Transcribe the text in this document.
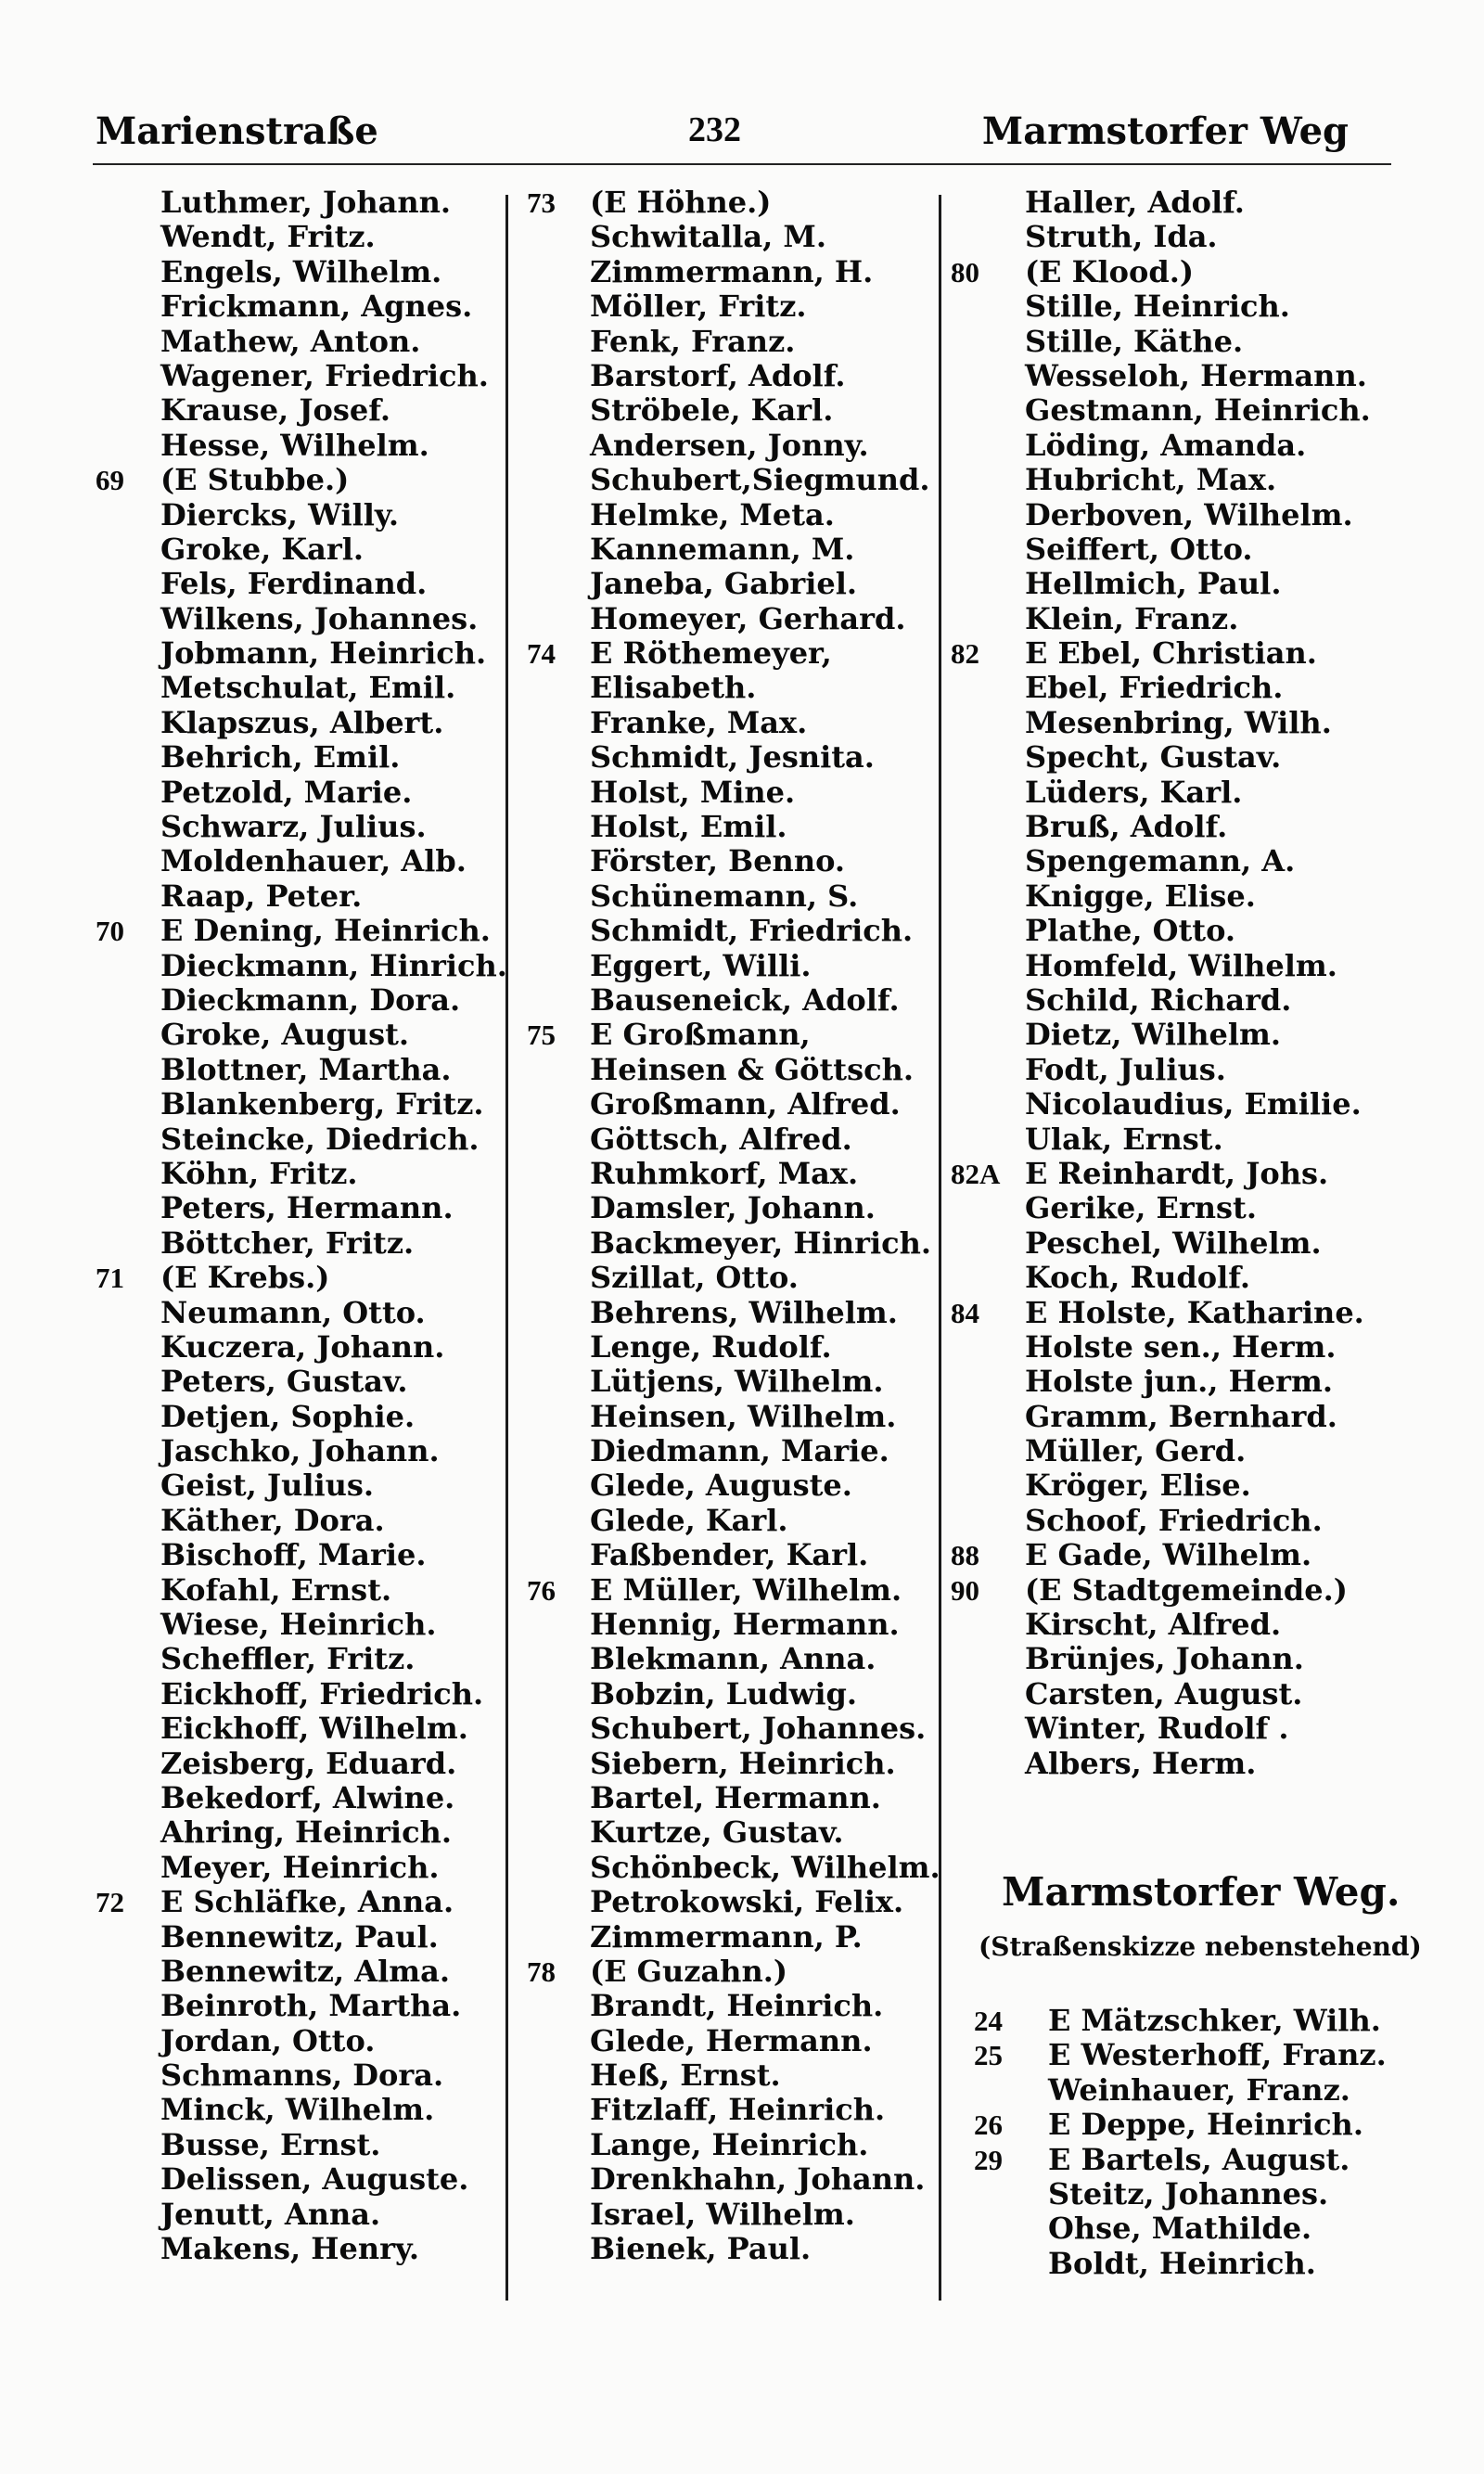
Marienstraße	232	Marmstorfer Weg
Luthmer, Johann.
Wendt, Fritz.
Engels, Wilhelm.
Frickmann, Agnes.
Mathew, Anton.
Wagener, Friedrich.
Krause, Josef.
Hesse, Wilhelm.
69 (E Stubbe.)
Diercks, Willy.
Groke, Karl.
Fels, Ferdinand.
Wilkens, Johannes.
Jobmann, Heinrich.
Metschulat, Emil.
Klapszus, Albert.
Behrich, Emil.
Petzold, Marie.
Schwarz, Julius.
Moldenhauer, Alb.
Raap, Peter.
70 E Dening, Heinrich.
Dieckmann, Hinrich.
Dieckmann, Dora.
Groke, August.
Blottner, Martha.
Blankenberg, Fritz.
Steincke, Diedrich.
Köhn, Fritz.
Peters, Hermann.
Böttcher, Fritz.
71 (E Krebs.)
Neumann, Otto.
Kuczera, Johann.
Peters, Gustav.
Detjen, Sophie.
Jaschko, Johann.
Geist, Julius.
Käther, Dora.
Bischoff, Marie.
Kofahl, Ernst.
Wiese, Heinrich.
Scheffler, Fritz.
Eickhoff, Friedrich.
Eickhoff, Wilhelm.
Zeisberg, Eduard.
Bekedorf, Alwine.
Ahring, Heinrich.
Meyer, Heinrich.
72 E Schläfke, Anna.
Bennewitz, Paul.
Bennewitz, Alma.
Beinroth, Martha.
Jordan, Otto.
Schmanns, Dora.
Minck, Wilhelm.
Busse, Ernst.
Delissen, Auguste.
Jenutt, Anna.
Makens, Henry.
73 (E Höhne.)
Schwitalla, M.
Zimmermann, H.
Möller, Fritz.
Fenk, Franz.
Barstorf, Adolf.
Ströbele, Karl.
Andersen, Jonny.
Schubert,Siegmund.
Helmke, Meta.
Kannemann, M.
Janeba, Gabriel.
Homeyer, Gerhard.
74 E Röthemeyer,
Elisabeth.
Franke, Max.
Schmidt, Jesnita.
Holst, Mine.
Holst, Emil.
Förster, Benno.
Schünemann, S.
Schmidt, Friedrich.
Eggert, Willi.
Bauseneick, Adolf.
75 E Großmann,
Heinsen & Göttsch.
Großmann, Alfred.
Göttsch, Alfred.
Ruhmkorf, Max.
Damsler, Johann.
Backmeyer, Hinrich.
Szillat, Otto.
Behrens, Wilhelm.
Lenge, Rudolf.
Lütjens, Wilhelm.
Heinsen, Wilhelm.
Diedmann, Marie.
Glede, Auguste.
Glede, Karl.
Faßbender, Karl.
76 E Müller, Wilhelm.
Hennig, Hermann.
Blekmann, Anna.
Bobzin, Ludwig.
Schubert, Johannes.
Siebern, Heinrich.
Bartel, Hermann.
Kurtze, Gustav.
Schönbeck, Wilhelm.
Petrokowski, Felix.
Zimmermann, P.
78 (E Guzahn.)
Brandt, Heinrich.
Glede, Hermann.
Heß, Ernst.
Fitzlaff, Heinrich.
Lange, Heinrich.
Drenkhahn, Johann.
Israel, Wilhelm.
Bienek, Paul.
Haller, Adolf.
Struth, Ida.
80 (E Klood.)
Stille, Heinrich.
Stille, Käthe.
Wesseloh, Hermann.
Gestmann, Heinrich.
Löding, Amanda.
Hubricht, Max.
Derboven, Wilhelm.
Seiffert, Otto.
Hellmich, Paul.
Klein, Franz.
82 E Ebel, Christian.
Ebel, Friedrich.
Mesenbring, Wilh.
Specht, Gustav.
Lüders, Karl.
Bruß, Adolf.
Spengemann, A.
Knigge, Elise.
Plathe, Otto.
Homfeld, Wilhelm.
Schild, Richard.
Dietz, Wilhelm.
Fodt, Julius.
Nicolaudius, Emilie.
Ulak, Ernst.
82A E Reinhardt, Johs.
Gerike, Ernst.
Peschel, Wilhelm.
Koch, Rudolf.
84 E Holste, Katharine.
Holste sen., Herm.
Holste jun., Herm.
Gramm, Bernhard.
Müller, Gerd.
Kröger, Elise.
Schoof, Friedrich.
88 E Gade, Wilhelm.
90 (E Stadtgemeinde.)
Kirscht, Alfred.
Brünjes, Johann.
Carsten, August.
Winter, Rudolf .
Albers, Herm.
Marmstorfer Weg.
(Straßenskizze nebenstehend)
24 E Mätzschker, Wilh.
25 E Westerhoff, Franz.
Weinhauer, Franz.
26 E Deppe, Heinrich.
29 E Bartels, August.
Steitz, Johannes.
Ohse, Mathilde.
Boldt, Heinrich.
